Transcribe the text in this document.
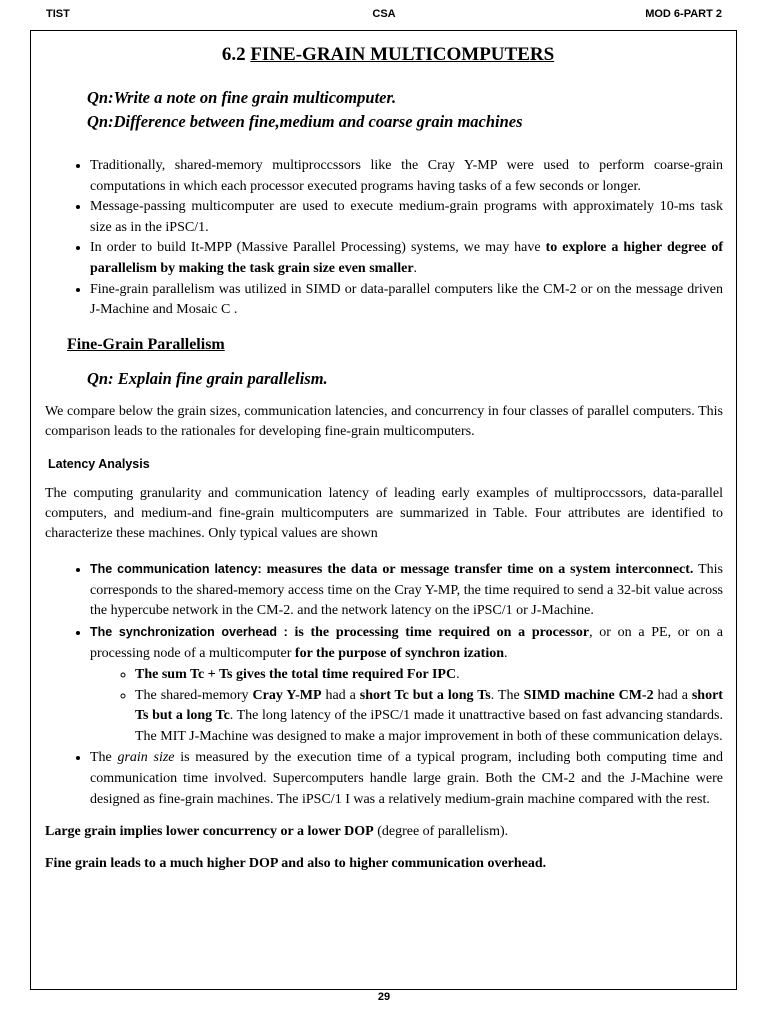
TIST	CSA	MOD 6-PART 2
6.2 FINE-GRAIN MULTICOMPUTERS
Qn:Write a note on fine grain multicomputer.
Qn:Difference between fine,medium and coarse grain machines
• Traditionally, shared-memory multiproccssors like the Cray Y-MP were used to perform coarse-grain computations in which each processor executed programs having tasks of a few seconds or longer.
• Message-passing multicomputer are used to execute medium-grain programs with approximately 10-ms task size as in the iPSC/1.
• In order to build It-MPP (Massive Parallel Processing) systems, we may have to explore a higher degree of parallelism by making the task grain size even smaller.
• Fine-grain parallelism was utilized in SIMD or data-parallel computers like the CM-2 or on the message driven J-Machine and Mosaic C .
Fine-Grain Parallelism
Qn: Explain fine grain parallelism.

We compare below the grain sizes, communication latencies, and concurrency in four classes of parallel computers. This comparison leads to the rationales for developing fine-grain multicomputers.

Latency Analysis

The computing granularity and communication latency of leading early examples of multiproccssors, data-parallel computers, and medium-and fine-grain multicomputers are summarized in Table. Four attributes are identified to characterize these machines. Only typical values are shown

• The communication latency: measures the data or message transfer time on a system interconnect. This corresponds to the shared-memory access time on the Cray Y-MP, the time required to send a 32-bit value across the hypercube network in the CM-2. and the network latency on the iPSC/1 or J-Machine.
• The synchronization overhead : is the processing time required on a processor, or on a PE, or on a processing node of a multicomputer for the purpose of synchron ization.
◦ The sum Tc + Ts gives the total time required For IPC.
◦ The shared-memory Cray Y-MP had a short Tc but a long Ts. The SIMD machine CM-2 had a short Ts but a long Tc. The long latency of the iPSC/1 made it unattractive based on fast advancing standards. The MIT J-Machine was designed to make a major improvement in both of these communication delays.
• The grain size is measured by the execution time of a typical program, including both computing time and communication time involved. Supercomputers handle large grain. Both the CM-2 and the J-Machine were designed as fine-grain machines. The iPSC/1 I was a relatively medium-grain machine compared with the rest.

Large grain implies lower concurrency or a lower DOP (degree of parallelism).

Fine grain leads to a much higher DOP and also to higher communication overhead.

29
